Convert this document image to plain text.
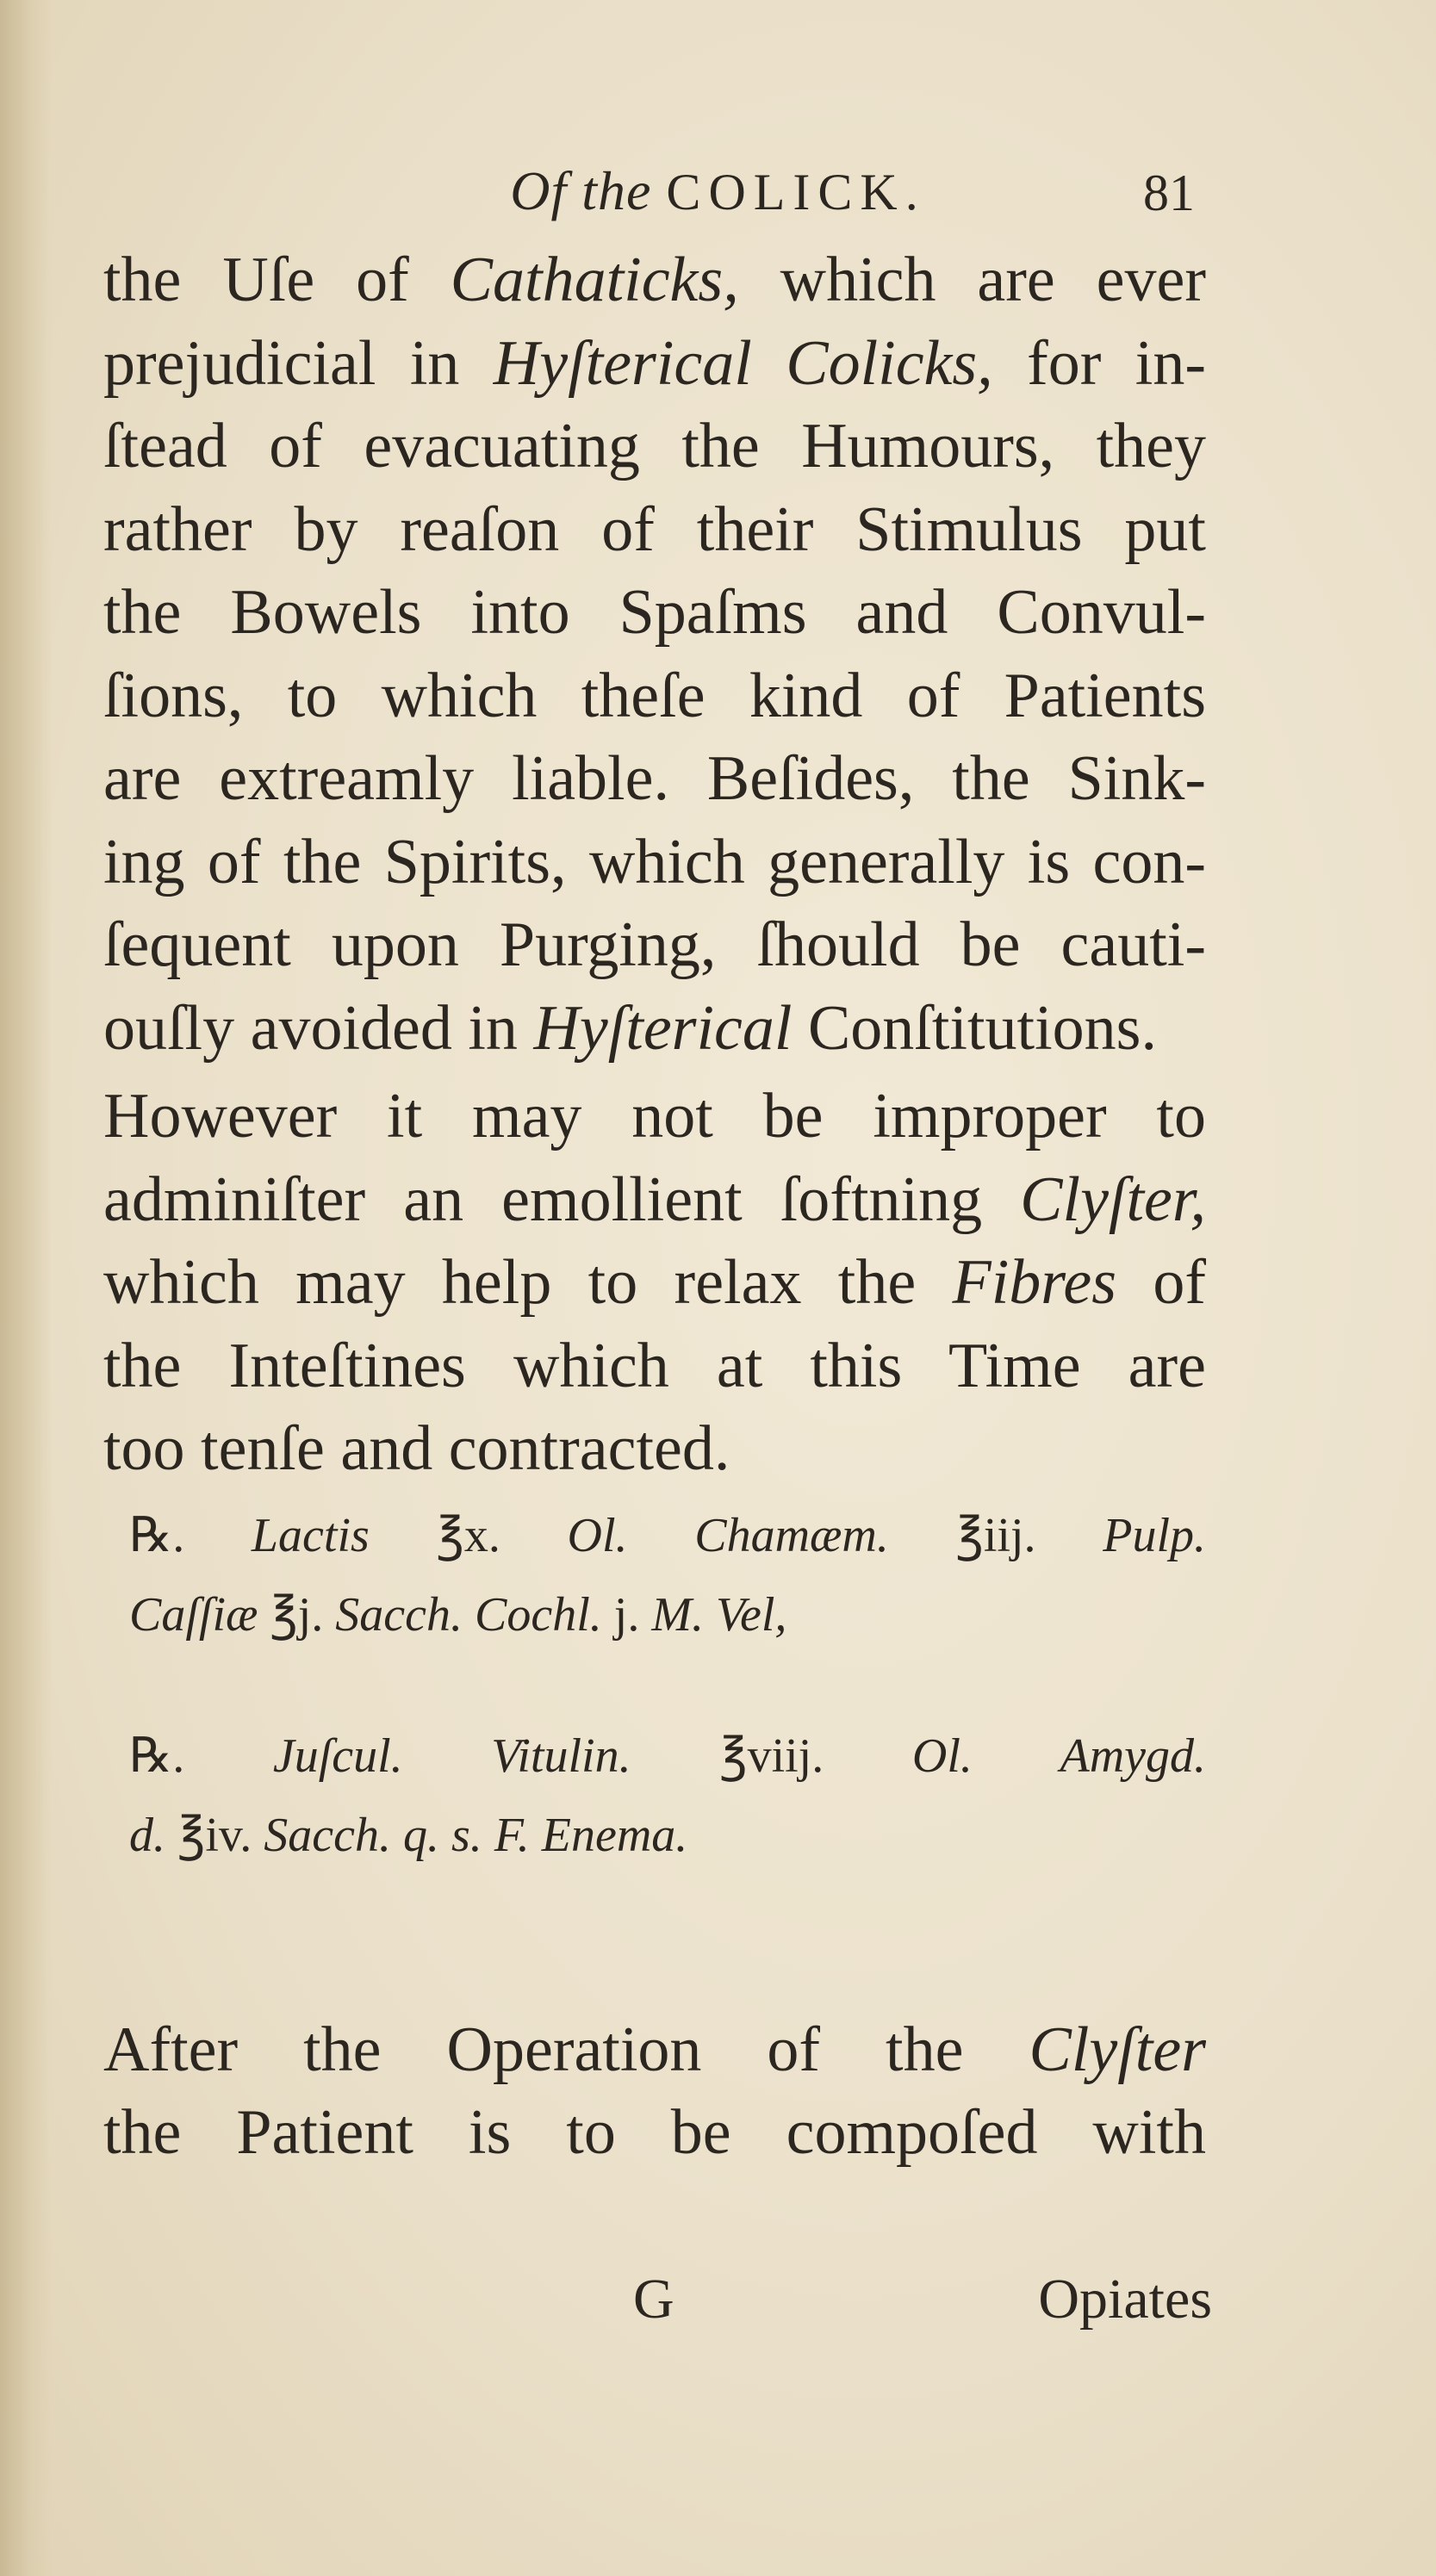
Of the COLICK.	81
the Uſe of Cathaticks, which are ever
prejudicial in Hyſterical Colicks, for in-
ſtead of evacuating the Humours, they
rather by reaſon of their Stimulus put
the Bowels into Spaſms and Convul-
ſions, to which theſe kind of Patients
are extreamly liable. Beſides, the Sink-
ing of the Spirits, which generally is con-
ſequent upon Purging, ſhould be cauti-
ouſly avoided in Hyſterical Conſtitutions.
However it may not be improper to
adminiſter an emollient ſoftning Clyſter,
which may help to relax the Fibres of
the Inteſtines which at this Time are
too tenſe and contracted.
℞. Lactis ℥x. Ol. Chamæm. ℥iij. Pulp.
Caſſiæ ℥j. Sacch. Cochl. j. M. Vel,
℞. Juſcul. Vitulin. ℥viij. Ol. Amygd.
d. ℥iv. Sacch. q. s. F. Enema.
After the Operation of the Clyſter
the Patient is to be compoſed with
G	Opiates
